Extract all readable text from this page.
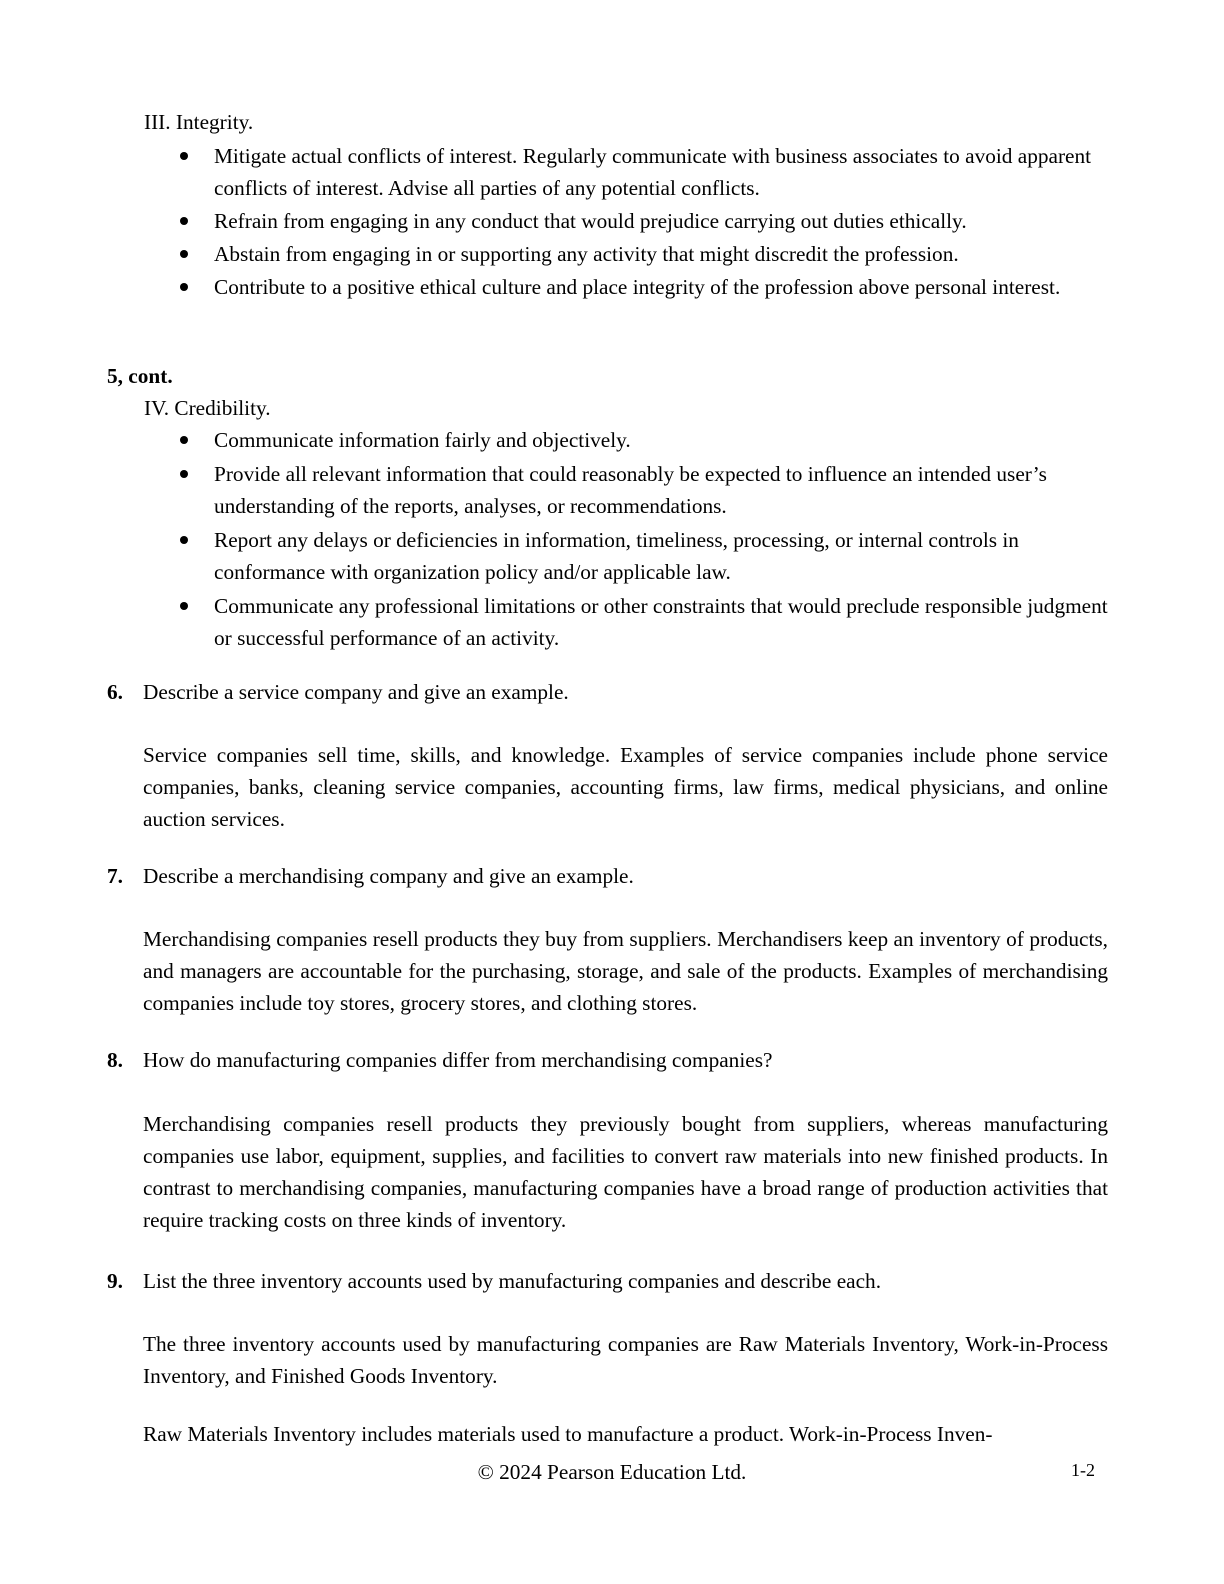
III. Integrity.
Mitigate actual conflicts of interest. Regularly communicate with business associates to avoid apparent conflicts of interest. Advise all parties of any potential conflicts.
Refrain from engaging in any conduct that would prejudice carrying out duties ethically.
Abstain from engaging in or supporting any activity that might discredit the profession.
Contribute to a positive ethical culture and place integrity of the profession above personal interest.
5, cont.
IV. Credibility.
Communicate information fairly and objectively.
Provide all relevant information that could reasonably be expected to influence an intended user’s understanding of the reports, analyses, or recommendations.
Report any delays or deficiencies in information, timeliness, processing, or internal controls in conformance with organization policy and/or applicable law.
Communicate any professional limitations or other constraints that would preclude responsible judgment or successful performance of an activity.
6. Describe a service company and give an example.
Service companies sell time, skills, and knowledge. Examples of service companies include phone service companies, banks, cleaning service companies, accounting firms, law firms, medical physicians, and online auction services.
7. Describe a merchandising company and give an example.
Merchandising companies resell products they buy from suppliers. Merchandisers keep an inventory of products, and managers are accountable for the purchasing, storage, and sale of the products. Examples of merchandising companies include toy stores, grocery stores, and clothing stores.
8. How do manufacturing companies differ from merchandising companies?
Merchandising companies resell products they previously bought from suppliers, whereas manufacturing companies use labor, equipment, supplies, and facilities to convert raw materials into new finished products. In contrast to merchandising companies, manufacturing companies have a broad range of production activities that require tracking costs on three kinds of inventory.
9. List the three inventory accounts used by manufacturing companies and describe each.
The three inventory accounts used by manufacturing companies are Raw Materials Inventory, Work-in-Process Inventory, and Finished Goods Inventory.
Raw Materials Inventory includes materials used to manufacture a product. Work-in-Process Inven-
© 2024 Pearson Education Ltd.	1-2
